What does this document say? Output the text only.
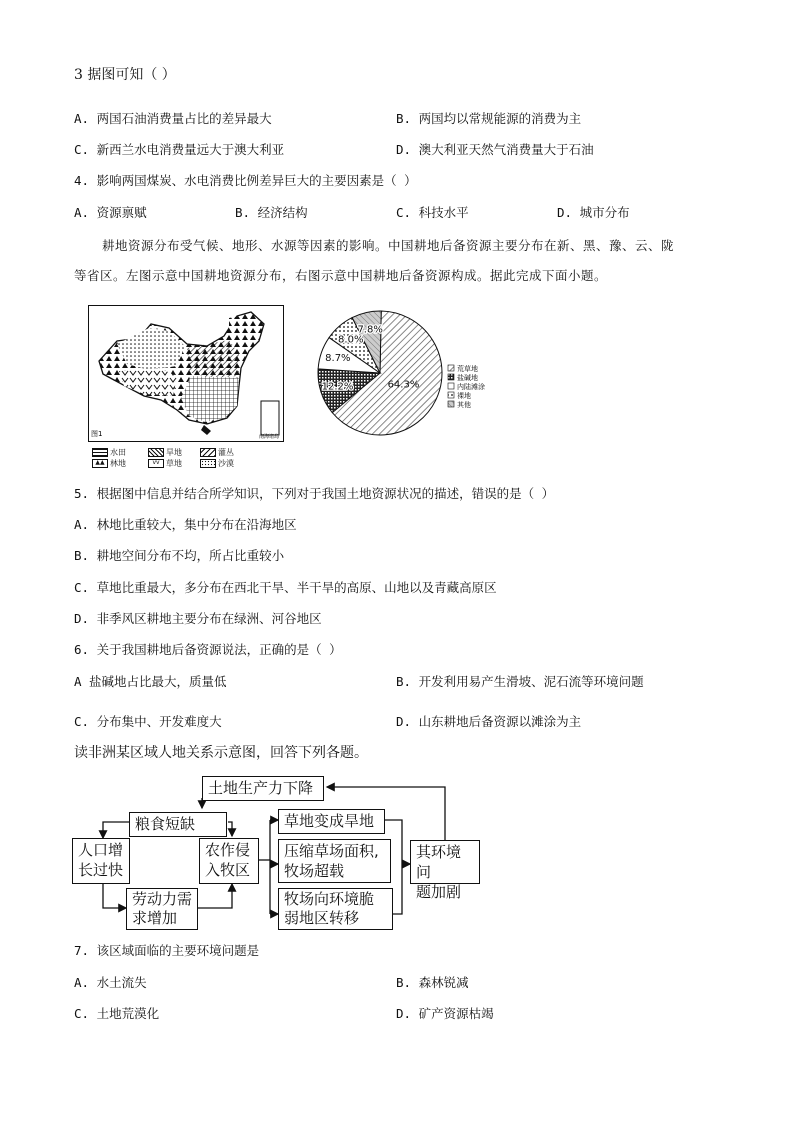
3 据图可知（ ）
A. 两国石油消费量占比的差异最大	B. 两国均以常规能源的消费为主
C. 新西兰水电消费量远大于澳大利亚	D. 澳大利亚天然气消费量大于石油
4. 影响两国煤炭、水电消费比例差异巨大的主要因素是（ ）
A. 资源禀赋	B. 经济结构	C. 科技水平	D. 城市分布
耕地资源分布受气候、地形、水源等因素的影响。中国耕地后备资源主要分布在新、黑、豫、云、陇
等省区。左图示意中国耕地资源分布，右图示意中国耕地后备资源构成。据此完成下面小题。
图1	南海诸岛
水田	旱地	灌丛
▲▲ 林地	vv 草地	沙漠
64.3%
12.2%
8.7%
8.0%
7.8%
荒草地
盐碱地
内陆滩涂
裸地
其他
5. 根据图中信息并结合所学知识，下列对于我国土地资源状况的描述，错误的是（ ）
A. 林地比重较大，集中分布在沿海地区
B. 耕地空间分布不均，所占比重较小
C. 草地比重最大，多分布在西北干旱、半干旱的高原、山地以及青藏高原区
D. 非季风区耕地主要分布在绿洲、河谷地区
6. 关于我国耕地后备资源说法，正确的是（ ）
A 盐碱地占比最大，质量低	B. 开发利用易产生滑坡、泥石流等环境问题
C. 分布集中、开发难度大	D. 山东耕地后备资源以滩涂为主
读非洲某区域人地关系示意图，回答下列各题。
土地生产力下降
粮食短缺
人口增
长过快
农作侵
入牧区
劳动力需
求增加
草地变成旱地
压缩草场面积,
牧场超载
牧场向环境脆
弱地区转移
其环境问
题加剧
7. 该区域面临的主要环境问题是
A. 水土流失	B. 森林锐减
C. 土地荒漠化	D. 矿产资源枯竭
